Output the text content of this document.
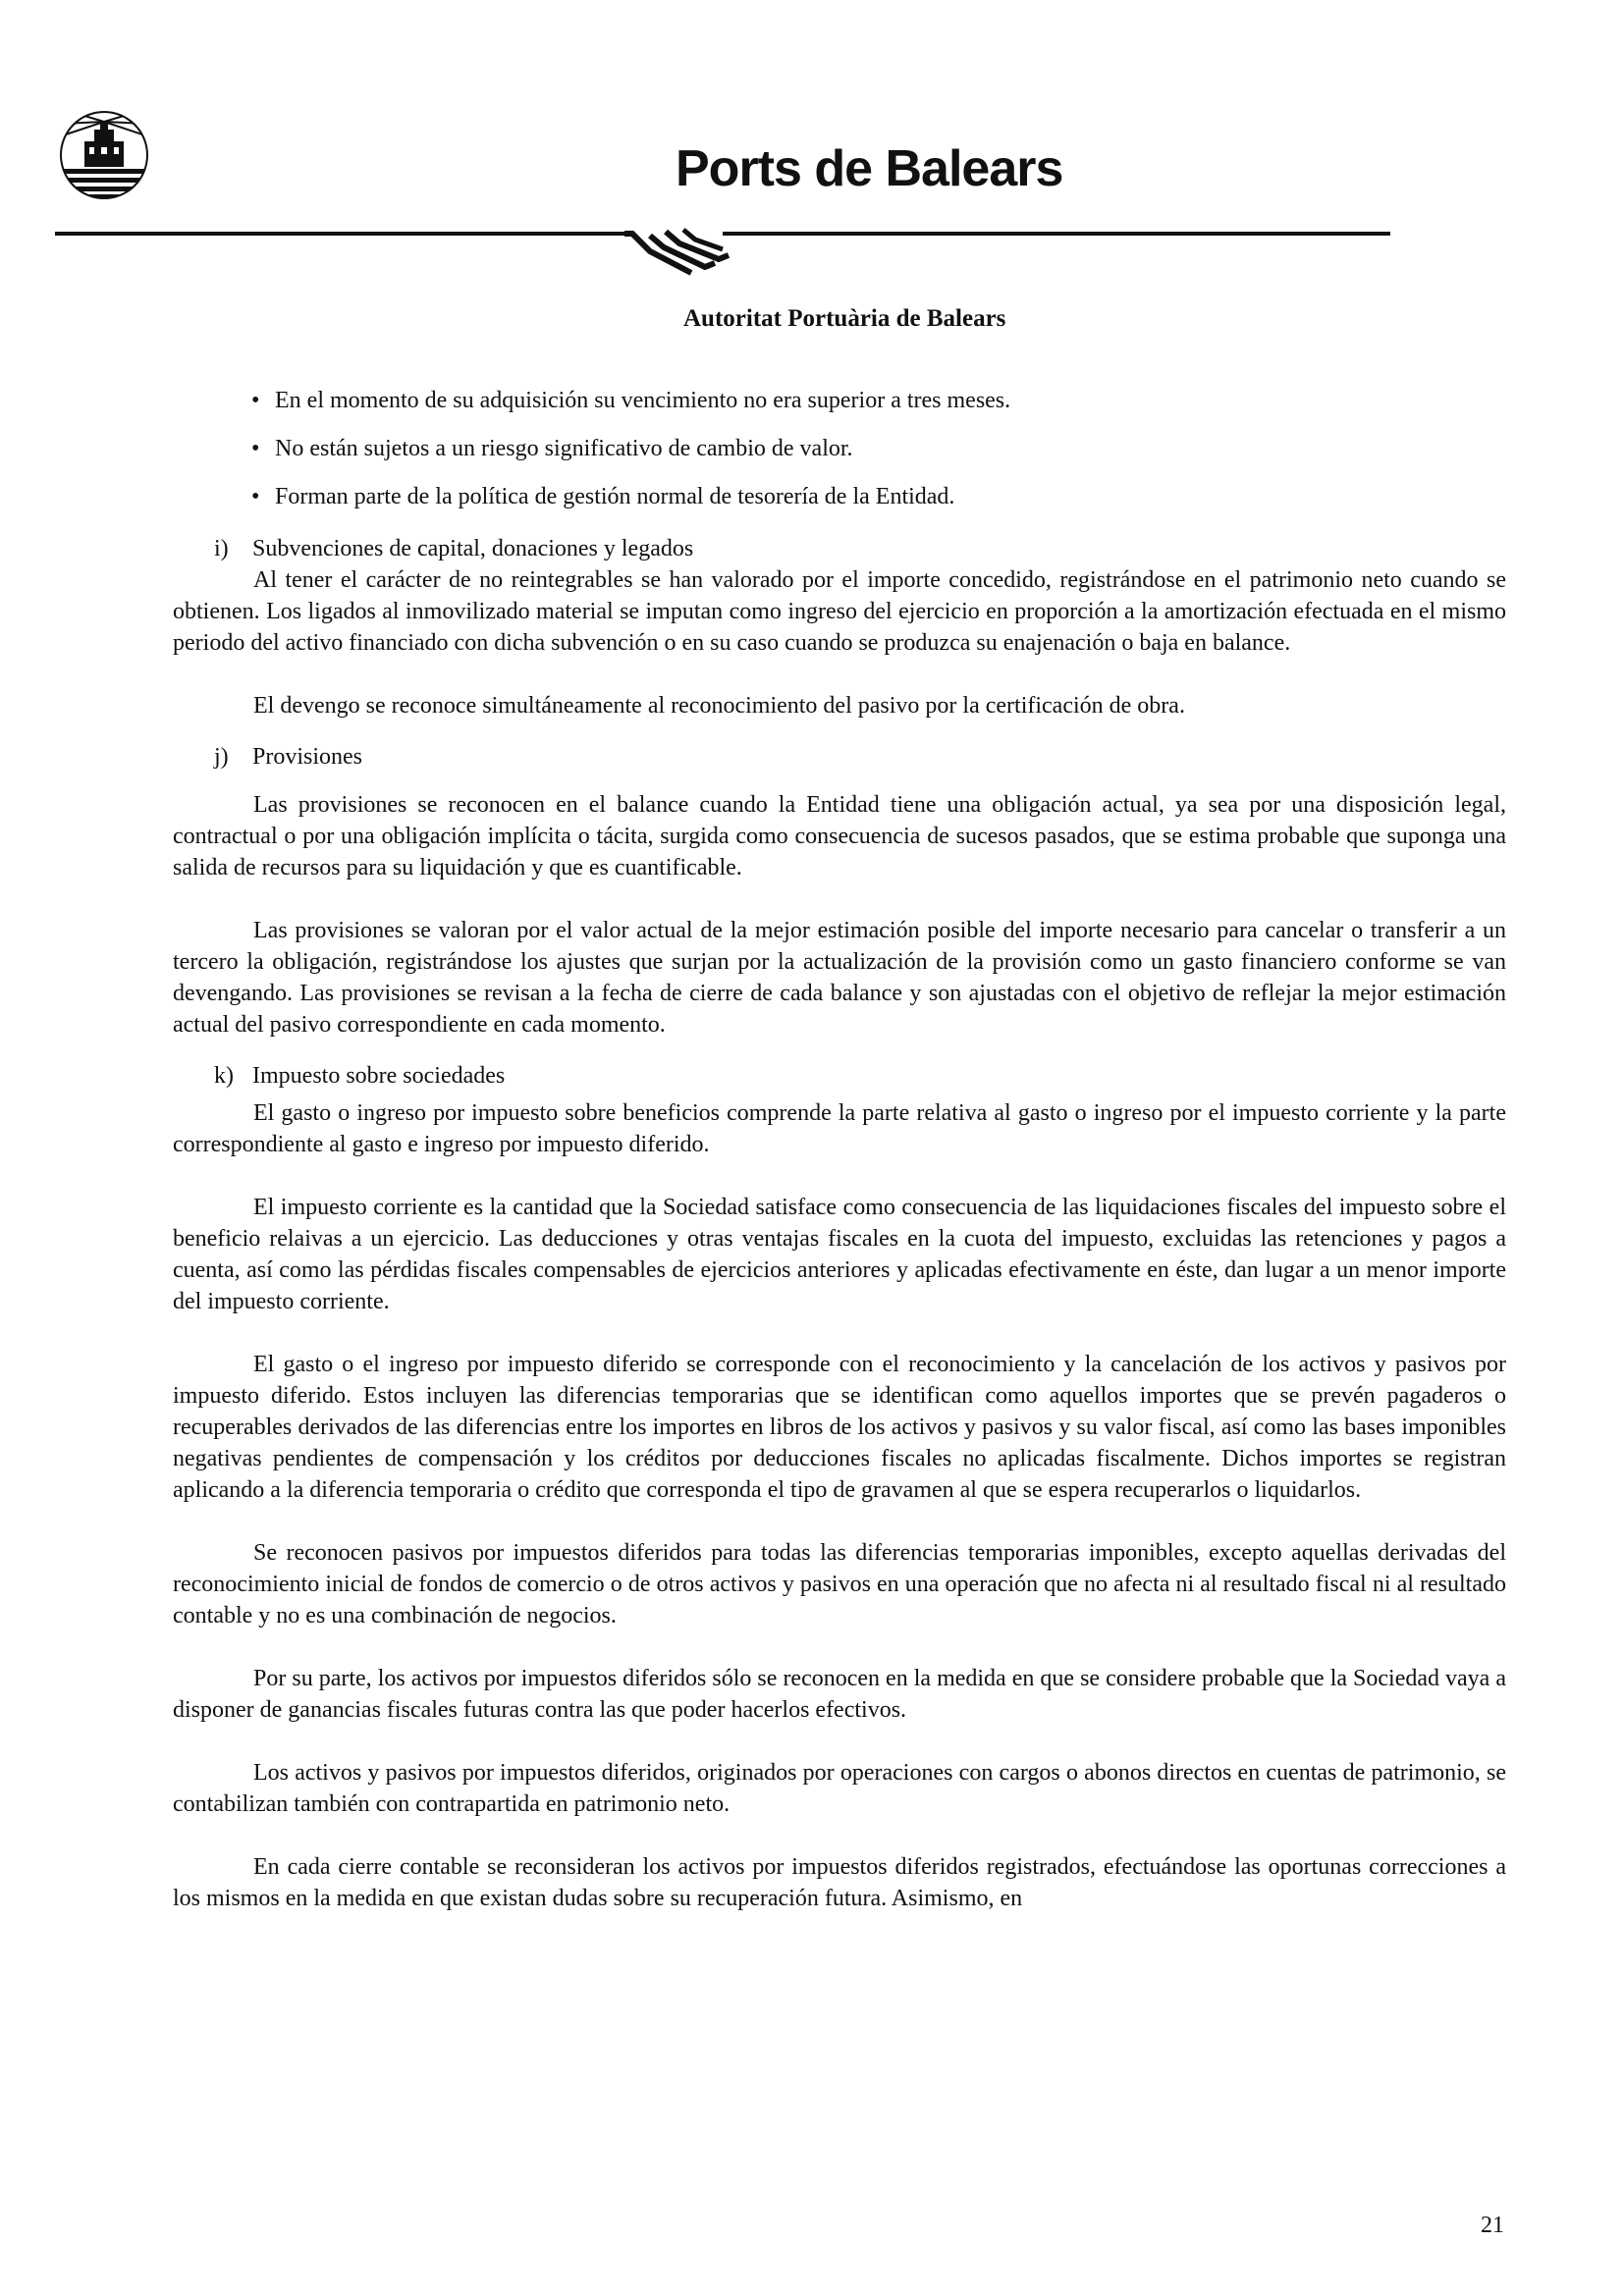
Ports de Balears
Autoritat Portuària de Balears
• En el momento de su adquisición su vencimiento no era superior a tres meses.
• No están sujetos a un riesgo significativo de cambio de valor.
• Forman parte de la política de gestión normal de tesorería de la Entidad.
i)	Subvenciones de capital, donaciones y legados

Al tener el carácter de no reintegrables se han valorado por el importe concedido, registrándose en el patrimonio neto cuando se obtienen. Los ligados al inmovilizado material se imputan como ingreso del ejercicio en proporción a la amortización efectuada en el mismo periodo del activo financiado con dicha subvención o en su caso cuando se produzca su enajenación o baja en balance.

El devengo se reconoce simultáneamente al reconocimiento del pasivo por la certificación de obra.

j)	Provisiones

Las provisiones se reconocen en el balance cuando la Entidad tiene una obligación actual, ya sea por una disposición legal, contractual o por una obligación implícita o tácita, surgida como consecuencia de sucesos pasados, que se estima probable que suponga una salida de recursos para su liquidación y que es cuantificable.

Las provisiones se valoran por el valor actual de la mejor estimación posible del importe necesario para cancelar o transferir a un tercero la obligación, registrándose los ajustes que surjan por la actualización de la provisión como un gasto financiero conforme se van devengando. Las provisiones se revisan a la fecha de cierre de cada balance y son ajustadas con el objetivo de reflejar la mejor estimación actual del pasivo correspondiente en cada momento.

k) Impuesto sobre sociedades

El gasto o ingreso por impuesto sobre beneficios comprende la parte relativa al gasto o ingreso por el impuesto corriente y la parte correspondiente al gasto e ingreso por impuesto diferido.

El impuesto corriente es la cantidad que la Sociedad satisface como consecuencia de las liquidaciones fiscales del impuesto sobre el beneficio relaivas a un ejercicio. Las deducciones y otras ventajas fiscales en la cuota del impuesto, excluidas las retenciones y pagos a cuenta, así como las pérdidas fiscales compensables de ejercicios anteriores y aplicadas efectivamente en éste, dan lugar a un menor importe del impuesto corriente.

El gasto o el ingreso por impuesto diferido se corresponde con el reconocimiento y la cancelación de los activos y pasivos por impuesto diferido. Estos incluyen las diferencias temporarias que se identifican como aquellos importes que se prevén pagaderos o recuperables derivados de las diferencias entre los importes en libros de los activos y pasivos y su valor fiscal, así como las bases imponibles negativas pendientes de compensación y los créditos por deducciones fiscales no aplicadas fiscalmente. Dichos importes se registran aplicando a la diferencia temporaria o crédito que corresponda el tipo de gravamen al que se espera recuperarlos o liquidarlos.

Se reconocen pasivos por impuestos diferidos para todas las diferencias temporarias imponibles, excepto aquellas derivadas del reconocimiento inicial de fondos de comercio o de otros activos y pasivos en una operación que no afecta ni al resultado fiscal ni al resultado contable y no es una combinación de negocios.

Por su parte, los activos por impuestos diferidos sólo se reconocen en la medida en que se considere probable que la Sociedad vaya a disponer de ganancias fiscales futuras contra las que poder hacerlos efectivos.

Los activos y pasivos por impuestos diferidos, originados por operaciones con cargos o abonos directos en cuentas de patrimonio, se contabilizan también con contrapartida en patrimonio neto.

En cada cierre contable se reconsideran los activos por impuestos diferidos registrados, efectuándose las oportunas correcciones a los mismos en la medida en que existan dudas sobre su recuperación futura. Asimismo, en

21
